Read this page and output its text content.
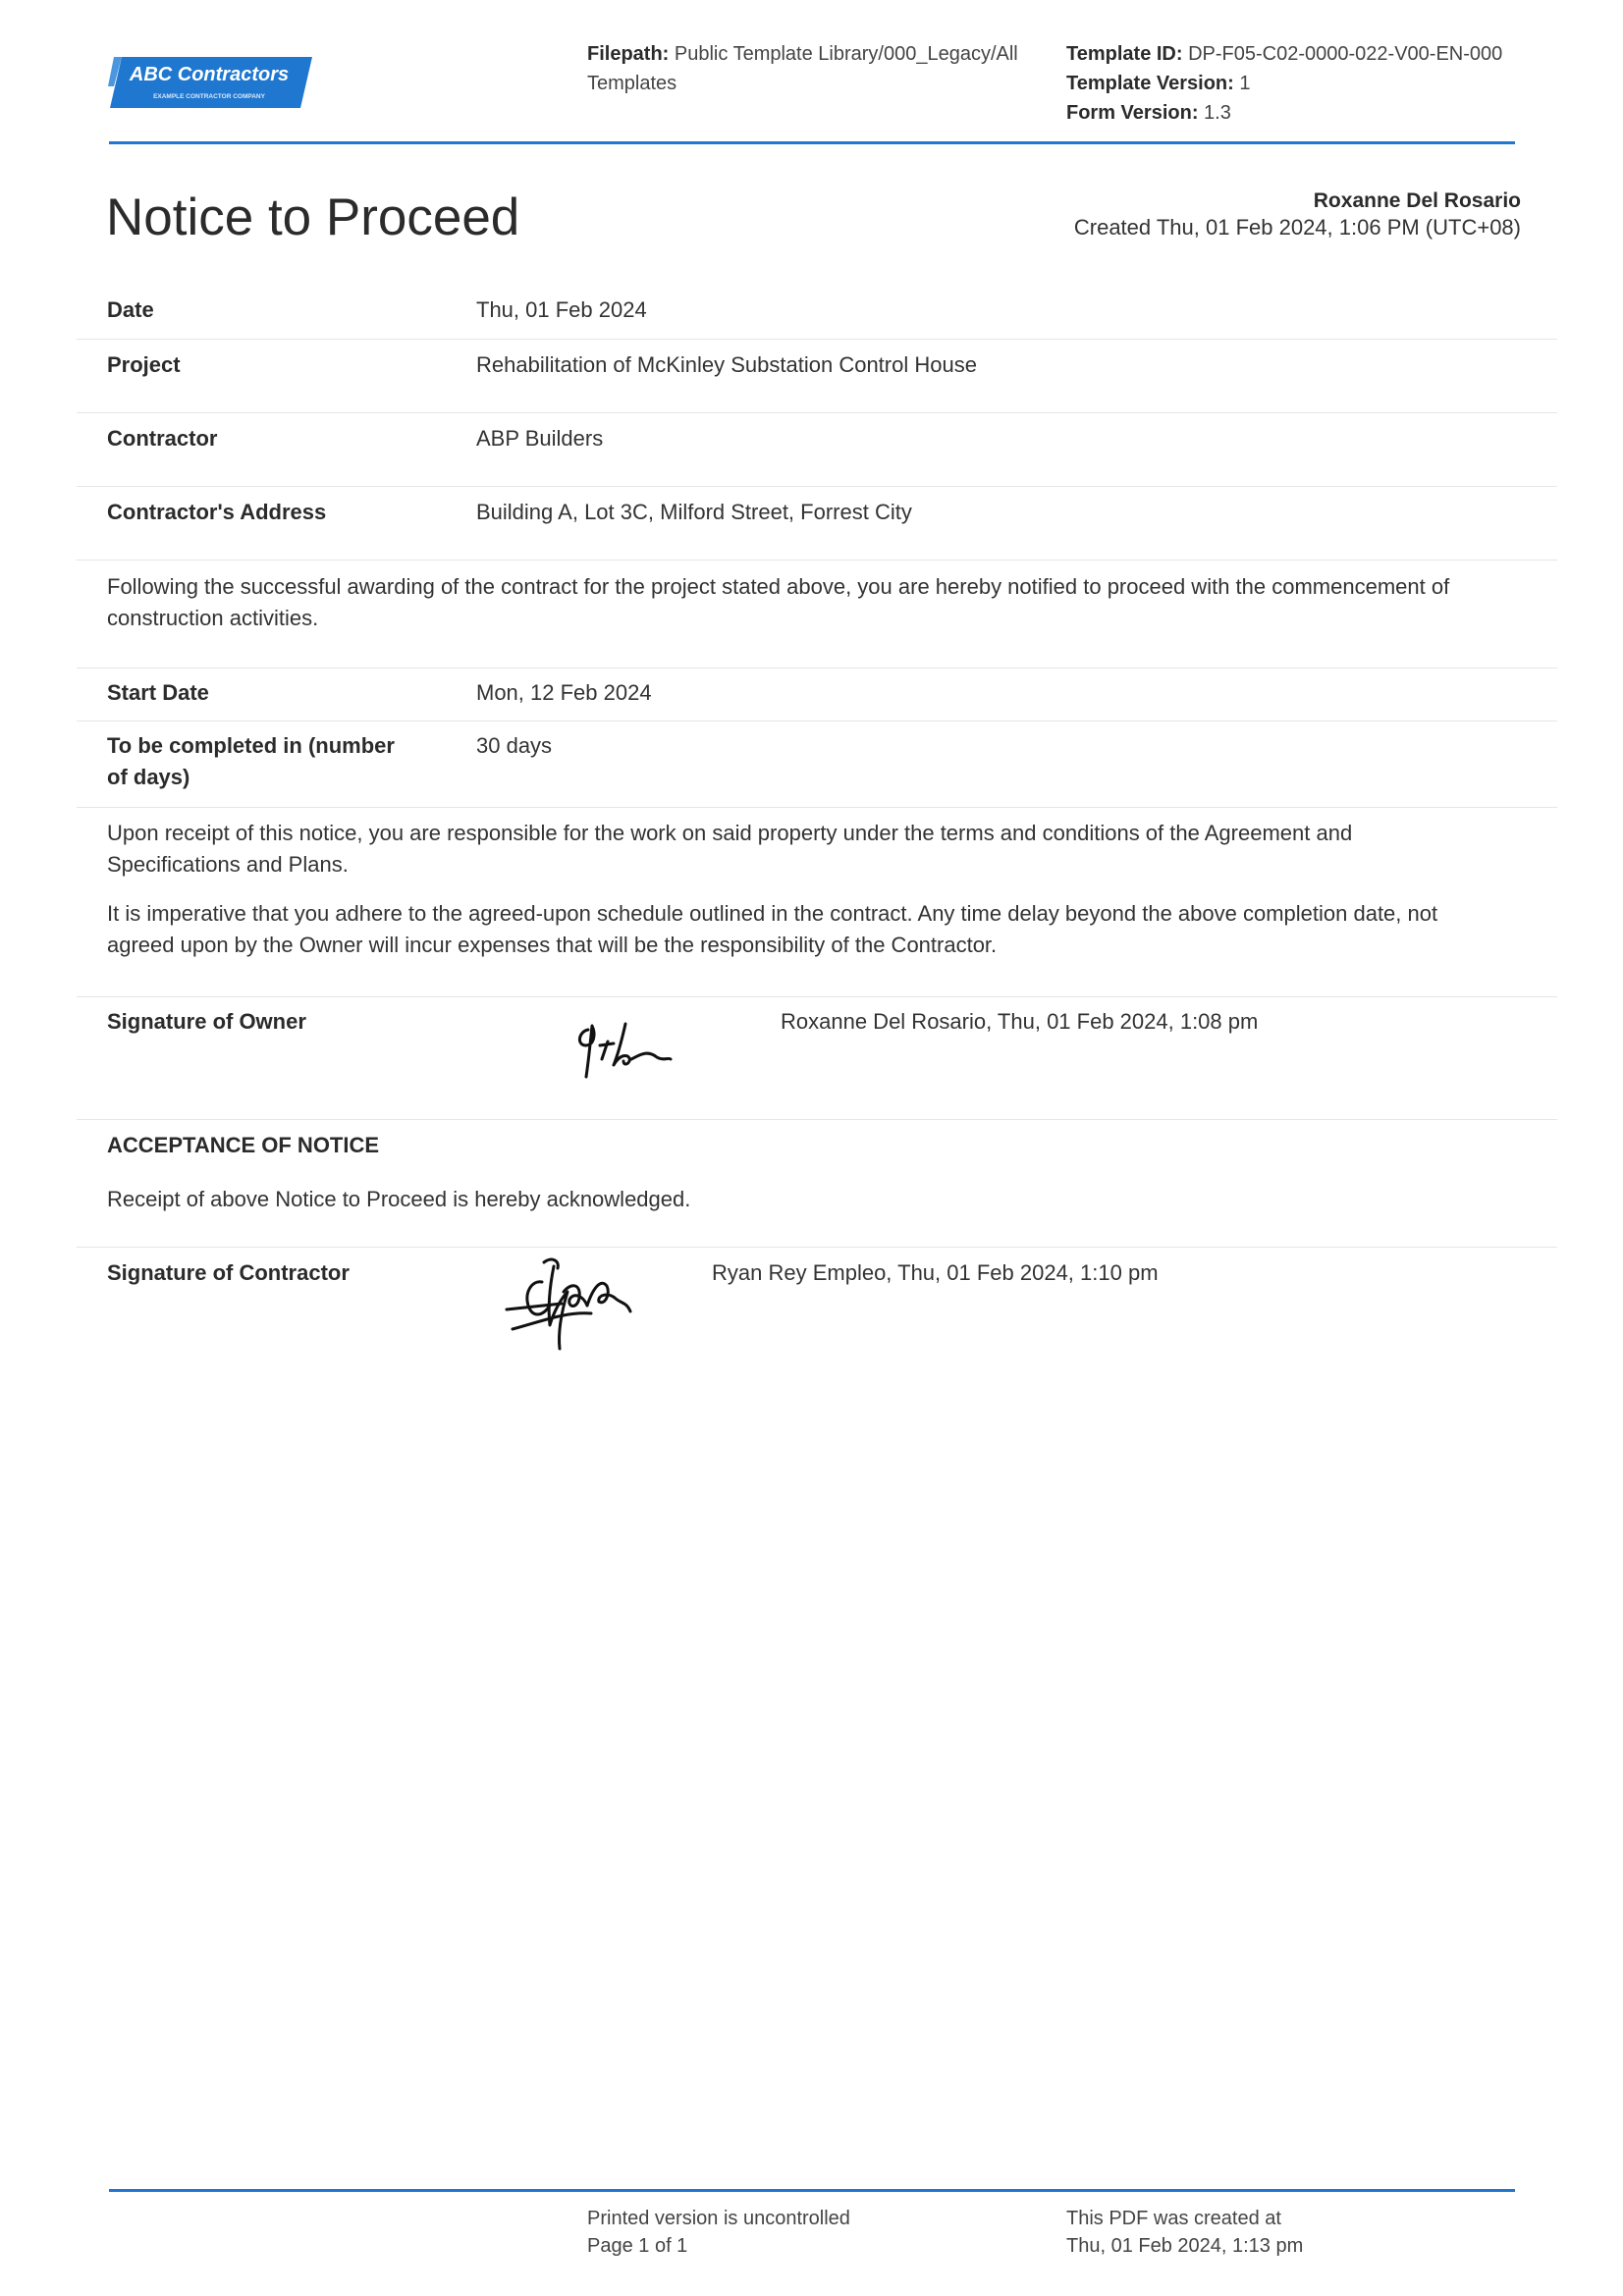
ABC Contractors
EXAMPLE CONTRACTOR COMPANY
Filepath: Public Template Library/000_Legacy/All
Templates
Template ID: DP-F05-C02-0000-022-V00-EN-000
Template Version: 1
Form Version: 1.3
Notice to Proceed	Roxanne Del Rosario
Created Thu, 01 Feb 2024, 1:06 PM (UTC+08)
Date	Thu, 01 Feb 2024
Project	Rehabilitation of McKinley Substation Control House
Contractor	ABP Builders
Contractor's Address	Building A, Lot 3C, Milford Street, Forrest City
Following the successful awarding of the contract for the project stated above, you are hereby notified to proceed with the commencement of
construction activities.
Start Date	Mon, 12 Feb 2024
To be completed in (number
of days)
30 days
Upon receipt of this notice, you are responsible for the work on said property under the terms and conditions of the Agreement and
Specifications and Plans.
It is imperative that you adhere to the agreed-upon schedule outlined in the contract. Any time delay beyond the above completion date, not
agreed upon by the Owner will incur expenses that will be the responsibility of the Contractor.
Signature of Owner	Roxanne Del Rosario, Thu, 01 Feb 2024, 1:08 pm
ACCEPTANCE OF NOTICE
Receipt of above Notice to Proceed is hereby acknowledged.
Signature of Contractor	Ryan Rey Empleo, Thu, 01 Feb 2024, 1:10 pm
Printed version is uncontrolled
Page 1 of 1
This PDF was created at
Thu, 01 Feb 2024, 1:13 pm
